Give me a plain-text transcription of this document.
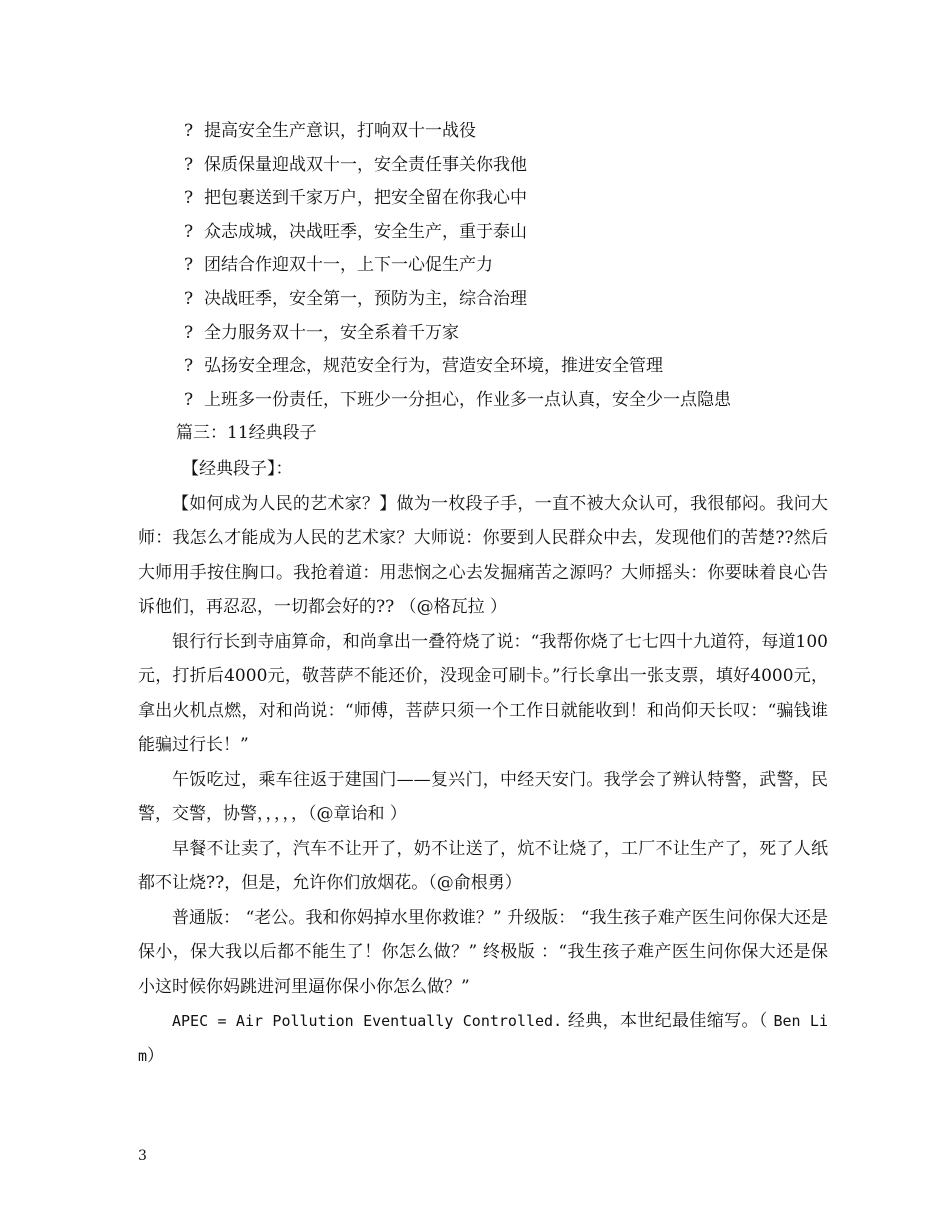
? 提高安全生产意识，打响双十一战役
? 保质保量迎战双十一，安全责任事关你我他
? 把包裹送到千家万户，把安全留在你我心中
? 众志成城，决战旺季，安全生产，重于泰山
? 团结合作迎双十一，上下一心促生产力
? 决战旺季，安全第一，预防为主，综合治理
? 全力服务双十一，安全系着千万家
? 弘扬安全理念，规范安全行为，营造安全环境，推进安全管理
? 上班多一份责任，下班少一分担心，作业多一点认真，安全少一点隐患
篇三：11经典段子
【经典段子】：

【如何成为人民的艺术家？】做为一枚段子手，一直不被大众认可，我很郁闷。我问大师：我怎么才能成为人民的艺术家？大师说：你要到人民群众中去，发现他们的苦楚??然后大师用手按住胸口。我抢着道：用悲悯之心去发掘痛苦之源吗？大师摇头：你要昧着良心告诉他们，再忍忍，一切都会好的?? （@格瓦拉 ）

银行行长到寺庙算命，和尚拿出一叠符烧了说：“我帮你烧了七七四十九道符，每道100元，打折后4000元，敬菩萨不能还价，没现金可刷卡。”行长拿出一张支票，填好4000元，拿出火机点燃，对和尚说：“师傅，菩萨只须一个工作日就能收到！和尚仰天长叹：“骗钱谁能骗过行长！”

午饭吃过，乘车往返于建国门——复兴门，中经天安门。我学会了辨认特警，武警，民警，交警，协警，，，，，（@章诒和 ）

早餐不让卖了，汽车不让开了，奶不让送了，炕不让烧了，工厂不让生产了，死了人纸都不让烧??，但是，允许你们放烟花。（@俞根勇）

普通版： “老公。我和你妈掉水里你救谁？” 升级版： “我生孩子难产医生问你保大还是保小，保大我以后都不能生了！你怎么做？” 终极版 ：“我生孩子难产医生问你保大还是保小这时候你妈跳进河里逼你保小你怎么做？”

APEC = Air Pollution Eventually Controlled. 经典，本世纪最佳缩写。（ Ben Lim）

3
